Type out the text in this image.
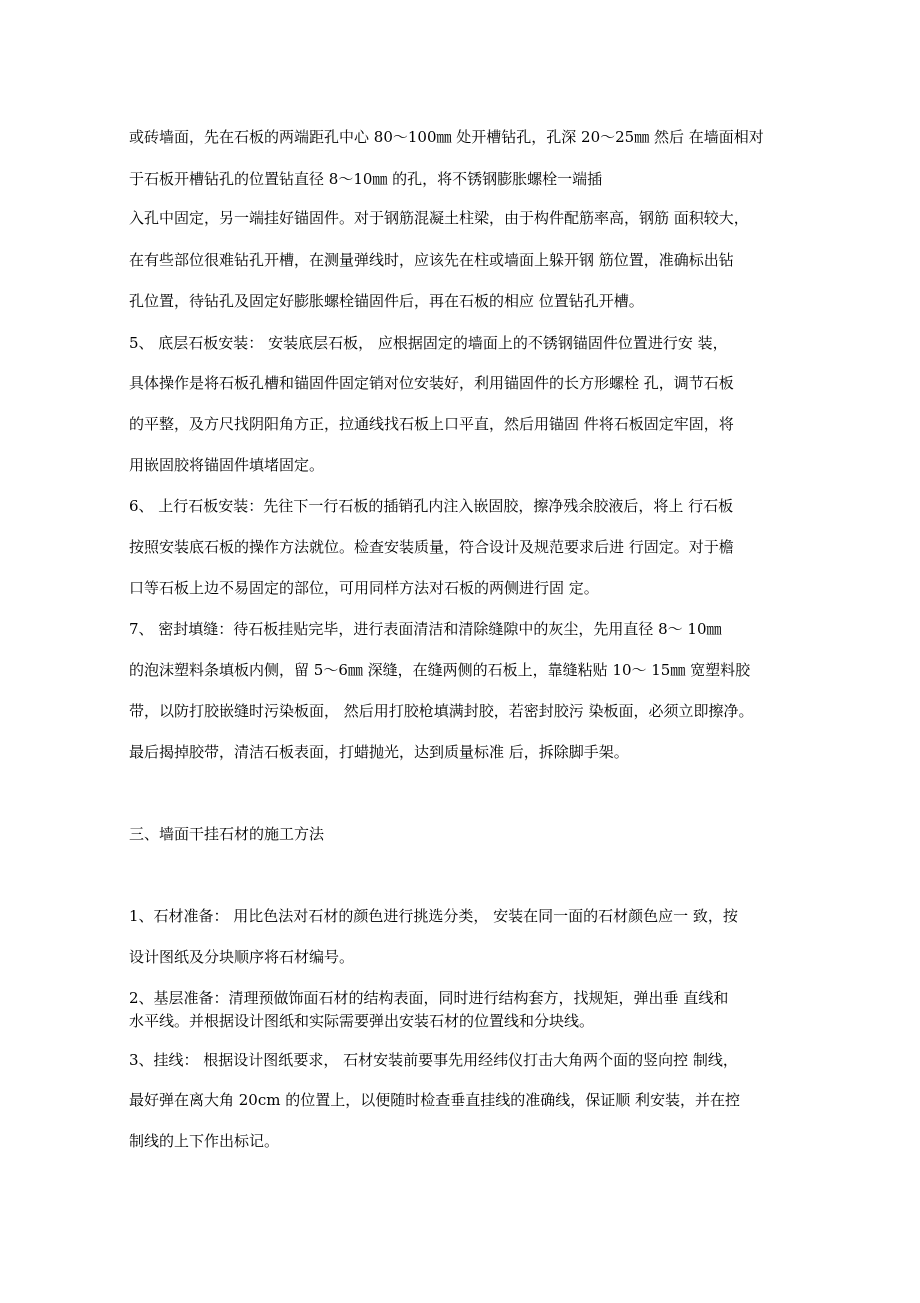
或砖墙面，先在石板的两端距孔中心 80～100㎜ 处开槽钻孔，孔深 20～25㎜ 然后 在墙面相对

于石板开槽钻孔的位置钻直径 8～10㎜ 的孔，将不锈钢膨胀螺栓一端插

入孔中固定，另一端挂好锚固件。对于钢筋混凝土柱梁，由于构件配筋率高，钢筋 面积较大，

在有些部位很难钻孔开槽，在测量弹线时，应该先在柱或墙面上躲开钢 筋位置，准确标出钻

孔位置，待钻孔及固定好膨胀螺栓锚固件后，再在石板的相应 位置钻孔开槽。

5、 底层石板安装： 安装底层石板， 应根据固定的墙面上的不锈钢锚固件位置进行安 装，

具体操作是将石板孔槽和锚固件固定销对位安装好，利用锚固件的长方形螺栓 孔，调节石板

的平整，及方尺找阴阳角方正，拉通线找石板上口平直，然后用锚固 件将石板固定牢固，将

用嵌固胶将锚固件填堵固定。

6、 上行石板安装：先往下一行石板的插销孔内注入嵌固胶，擦净残余胶液后，将上 行石板

按照安装底石板的操作方法就位。检查安装质量，符合设计及规范要求后进 行固定。对于檐

口等石板上边不易固定的部位，可用同样方法对石板的两侧进行固 定。

7、 密封填缝：待石板挂贴完毕，进行表面清洁和清除缝隙中的灰尘，先用直径 8～ 10㎜

的泡沫塑料条填板内侧，留 5～6㎜ 深缝，在缝两侧的石板上，靠缝粘贴 10～ 15㎜ 宽塑料胶

带，以防打胶嵌缝时污染板面， 然后用打胶枪填满封胶，若密封胶污 染板面，必须立即擦净。

最后揭掉胶带，清洁石板表面，打蜡抛光，达到质量标准 后，拆除脚手架。

三、墙面干挂石材的施工方法

1、石材准备： 用比色法对石材的颜色进行挑选分类， 安装在同一面的石材颜色应一 致，按

设计图纸及分块顺序将石材编号。

2、基层准备：清理预做饰面石材的结构表面，同时进行结构套方，找规矩，弹出垂 直线和

水平线。并根据设计图纸和实际需要弹出安装石材的位置线和分块线。

3、挂线： 根据设计图纸要求， 石材安装前要事先用经纬仪打击大角两个面的竖向控 制线，

最好弹在离大角 20cm 的位置上，以便随时检查垂直挂线的准确线，保证顺 利安装，并在控

制线的上下作出标记。
